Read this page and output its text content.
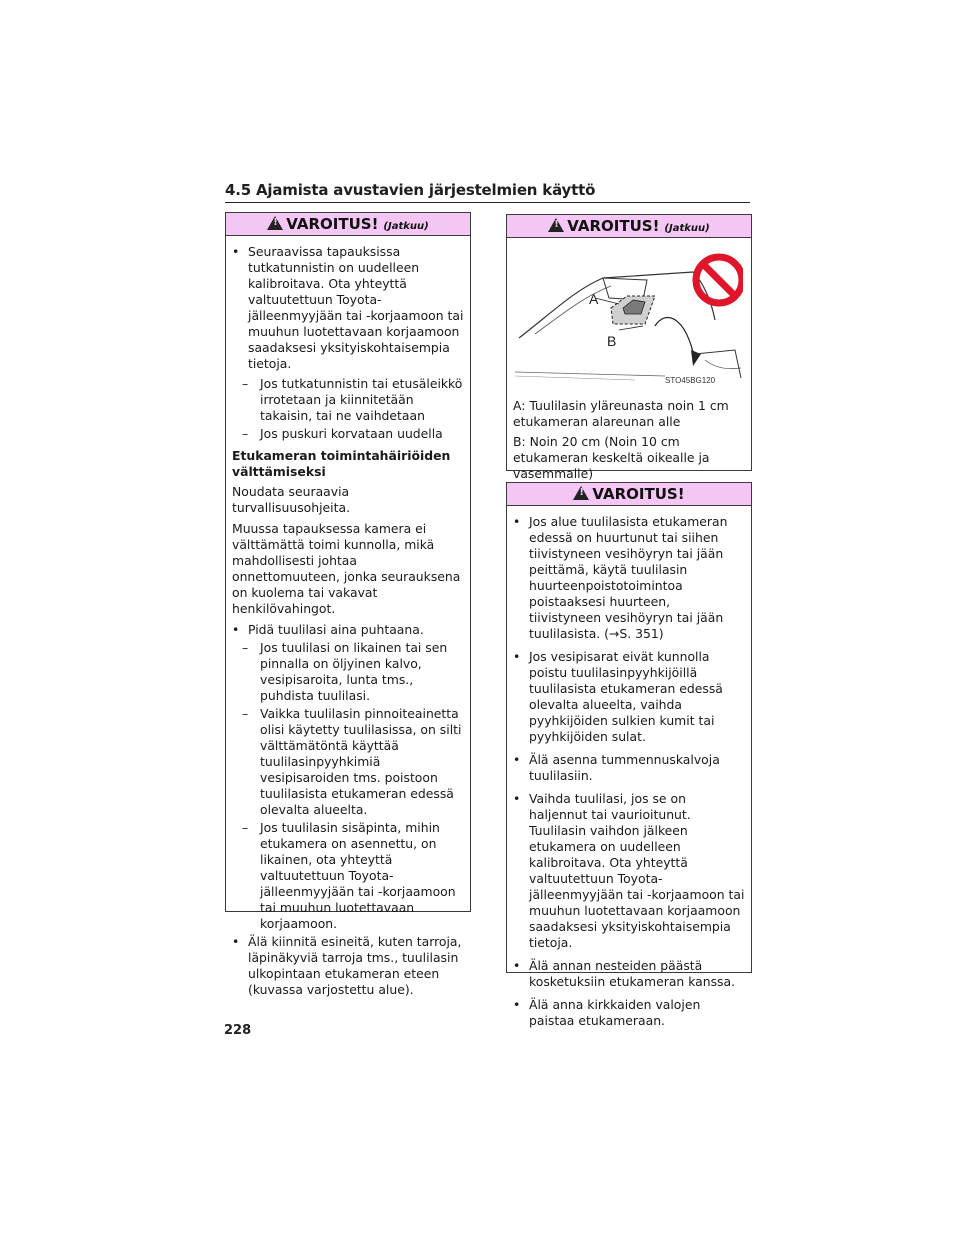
4.5 Ajamista avustavien järjestelmien käyttö
!
VAROITUS! (Jatkuu)
• Seuraavissa tapauksissa tutkatunnistin on uudelleen kalibroitava. Ota yhteyttä valtuutettuun Toyota-jälleenmyyjään tai -korjaamoon tai muuhun luotettavaan korjaamoon saadaksesi yksityiskohtaisempia tietoja.
– Jos tutkatunnistin tai etusäleikkö irrotetaan ja kiinnitetään takaisin, tai ne vaihdetaan
– Jos puskuri korvataan uudella
Etukameran toimintahäiriöiden välttämiseksi
Noudata seuraavia turvallisuusohjeita.
Muussa tapauksessa kamera ei välttämättä toimi kunnolla, mikä mahdollisesti johtaa onnettomuuteen, jonka seurauksena on kuolema tai vakavat henkilövahingot.
• Pidä tuulilasi aina puhtaana.
– Jos tuulilasi on likainen tai sen pinnalla on öljyinen kalvo, vesipisaroita, lunta tms., puhdista tuulilasi.
– Vaikka tuulilasin pinnoiteainetta olisi käytetty tuulilasissa, on silti välttämätöntä käyttää tuulilasinpyyhkimiä vesipisaroiden tms. poistoon tuulilasista etukameran edessä olevalta alueelta.
– Jos tuulilasin sisäpinta, mihin etukamera on asennettu, on likainen, ota yhteyttä valtuutettuun Toyota-jälleenmyyjään tai -korjaamoon tai muuhun luotettavaan korjaamoon.
• Älä kiinnitä esineitä, kuten tarroja, läpinäkyviä tarroja tms., tuulilasin ulkopintaan etukameran eteen (kuvassa varjostettu alue).
!
VAROITUS! (Jatkuu)
A
B
STO45BG120
A: Tuulilasin yläreunasta noin 1 cm etukameran alareunan alle
B: Noin 20 cm (Noin 10 cm etukameran keskeltä oikealle ja vasemmalle)
!
VAROITUS!
• Jos alue tuulilasista etukameran edessä on huurtunut tai siihen tiivistyneen vesihöyryn tai jään peittämä, käytä tuulilasin huurteenpoistotoimintoa poistaaksesi huurteen, tiivistyneen vesihöyryn tai jään tuulilasista. (→S. 351)
• Jos vesipisarat eivät kunnolla poistu tuulilasinpyyhkijöillä tuulilasista etukameran edessä olevalta alueelta, vaihda pyyhkijöiden sulkien kumit tai pyyhkijöiden sulat.
• Älä asenna tummennuskalvoja tuulilasiin.
• Vaihda tuulilasi, jos se on haljennut tai vaurioitunut. Tuulilasin vaihdon jälkeen etukamera on uudelleen kalibroitava. Ota yhteyttä valtuutettuun Toyota-jälleenmyyjään tai -korjaamoon tai muuhun luotettavaan korjaamoon saadaksesi yksityiskohtaisempia tietoja.
• Älä annan nesteiden päästä kosketuksiin etukameran kanssa.
• Älä anna kirkkaiden valojen paistaa etukameraan.
228
